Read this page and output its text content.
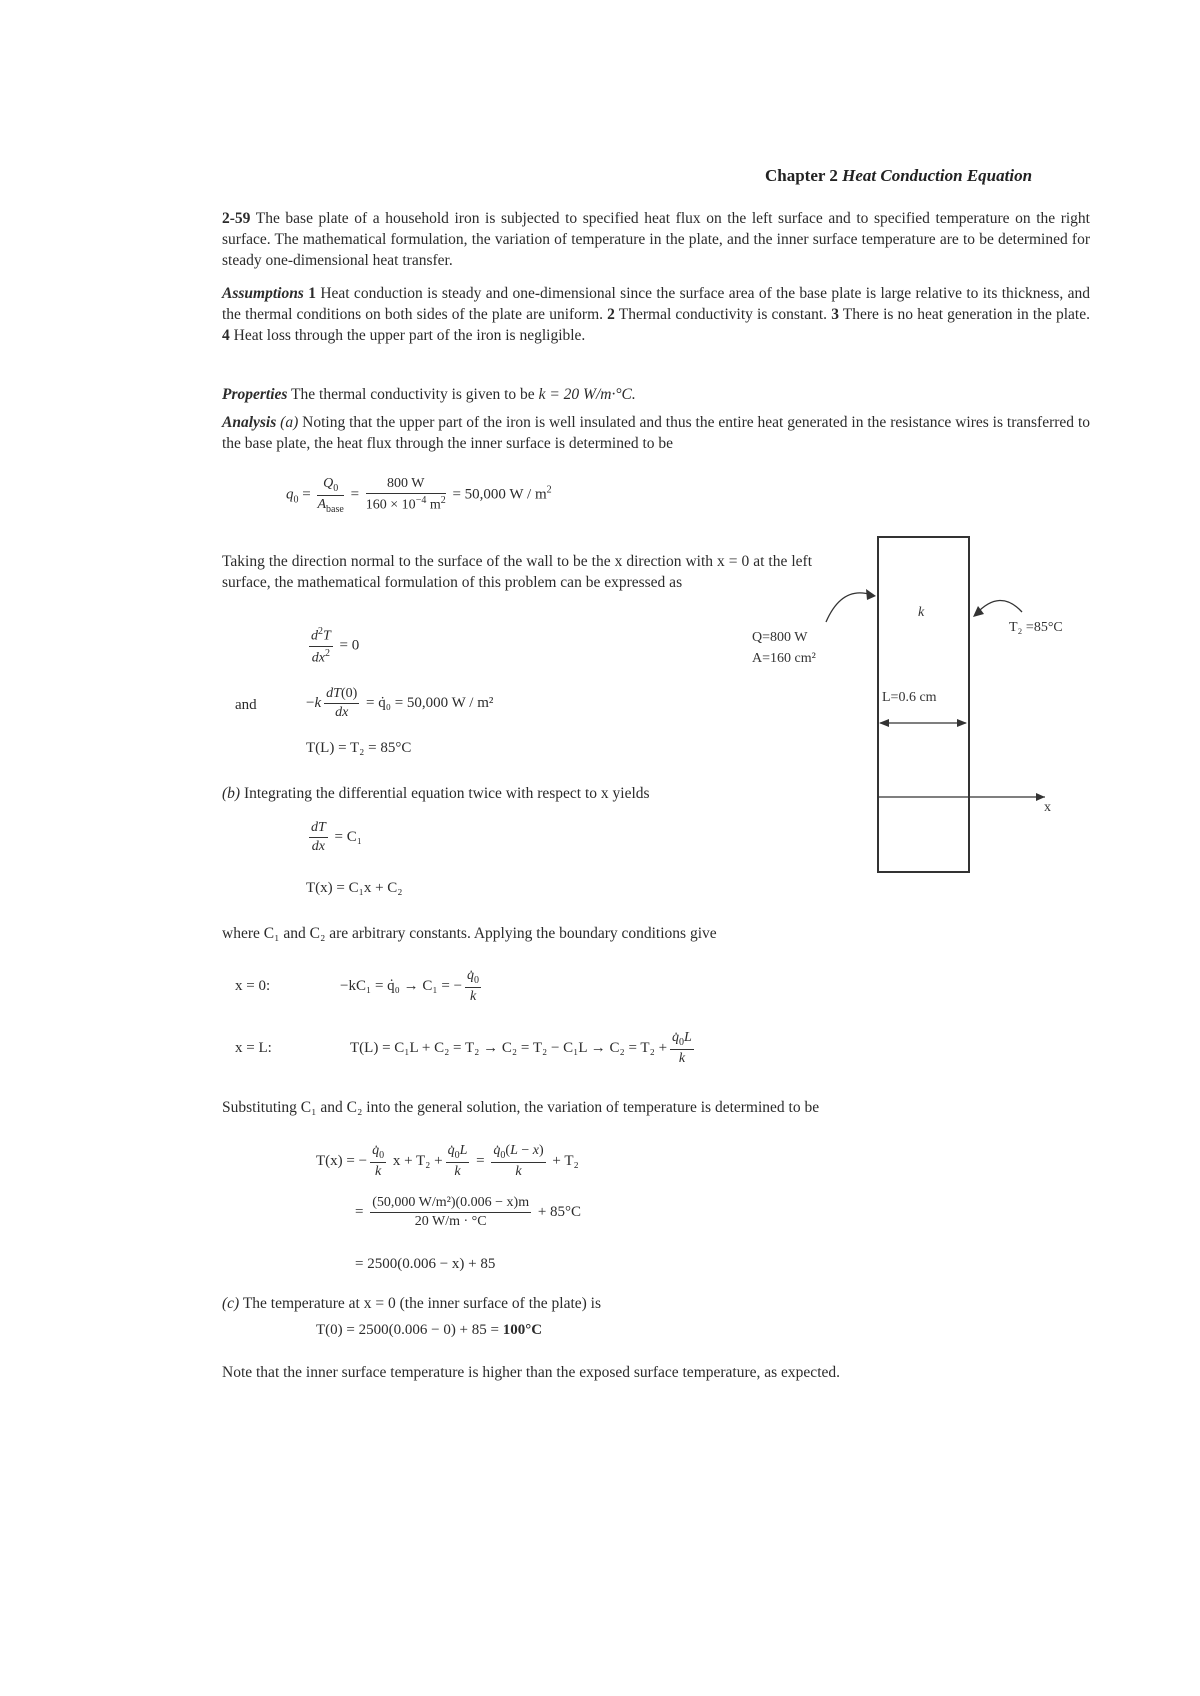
Chapter 2 Heat Conduction Equation
2-59 The base plate of a household iron is subjected to specified heat flux on the left surface and to specified temperature on the right surface. The mathematical formulation, the variation of temperature in the plate, and the inner surface temperature are to be determined for steady one-dimensional heat transfer.
Assumptions 1 Heat conduction is steady and one-dimensional since the surface area of the base plate is large relative to its thickness, and the thermal conditions on both sides of the plate are uniform. 2 Thermal conductivity is constant. 3 There is no heat generation in the plate. 4 Heat loss through the upper part of the iron is negligible.
Properties The thermal conductivity is given to be k = 20 W/m·°C.
Analysis (a) Noting that the upper part of the iron is well insulated and thus the entire heat generated in the resistance wires is transferred to the base plate, the heat flux through the inner surface is determined to be
$q_0 = \frac{Q_0}{A_{base}} = \frac{800 W}{160 \times 10^{-4} m^2} = 50,000$ W / $m^2$
Taking the direction normal to the surface of the wall to be the x direction with x = 0 at the left surface, the mathematical formulation of this problem can be expressed as
$\frac{d^2T}{dx^2} = 0$
and	$-k \frac{dT(0)}{dx}$ = q̇₀ = 50,000 W / m²
T(L) = T₂ = 85°C
(b) Integrating the differential equation twice with respect to x yields
$\frac{dT}{dx} = C_1$
T(x) = C₁x + C₂
where C₁ and C₂ are arbitrary constants. Applying the boundary conditions give
x = 0:	−kC₁ = q̇₀ → C₁ = − $\frac{q̇_0}{k}$
x = L:	$T(L) = C_1L + C_2 = T_2 \to C_2 = T_2 - C_1L \to C_2 = T_2 + \frac{q̇_0L}{k}$
Substituting C₁ and C₂ into the general solution, the variation of temperature is determined to be
T(x) = − $\frac{q̇_0}{k}$ $x + T_2 + \frac{q̇_0L}{k} = \frac{q̇_0(L - x)}{k} + T_2$
= $\frac{\text{(50,000 W/m²)(0.006 − x)m}}{20 W/m \cdot ^\circ C} + 85^\circ C$
= 2500(0.006 − x) + 85
(c) The temperature at x = 0 (the inner surface of the plate) is
T(0) = 2500(0.006 − 0) + 85 = 100°C
Note that the inner surface temperature is higher than the exposed surface temperature, as expected.
k
T₂ =85°C
Q=800 W
A=160 cm²
L=0.6 cm
x
